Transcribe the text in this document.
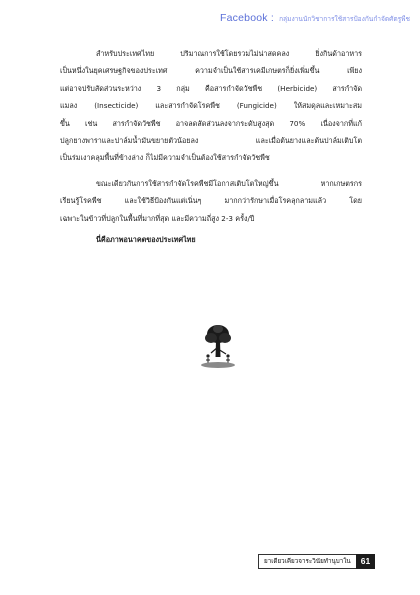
Facebook : กลุ่มงานนักวิชาการใช้สารป้องกันกำจัดศัตรูพืช

สำหรับประเทศไทย ปริมาณการใช้โดยรวมไม่น่าสดคลง ยิ่งกินด้าอาหาร

เป็นหนึ่งในยุคเศรษฐกิจของประเทศ ความจำเป็นใช้สารเคมีเกษตรก็ยิ่งเพิ่มขึ้น เพียง

แต่อาจปรับสัดส่วนระหว่าง 3 กลุ่ม คือสารกำจัดวัชพืช (Herbicide) สารกำจัด

แมลง (Insecticide) และสารกำจัดโรคพืช (Fungicide) ให้สมดุลและเหมาะสม

ขึ้น เช่น สารกำจัดวัชพืช อาจลดสัดส่วนลงจากระดับสูงสุด 70% เนื่องจากที่แก้

ปลูกยางพาราและปาล์มน้ำมันขยายตัวน้อยลง และเมื่อต้นยางและต้นปาล์มเติบโต

เป็นร่มเงาคลุมพื้นที่ข้างล่าง ก็ไม่มีความจำเป็นต้องใช้สารกำจัดวัชพืช

ขณะเดียวกันการใช้สารกำจัดโรคพืชมีโอกาสเติบโตใหญ่ขึ้น หากเกษตรกร

เรียนรู้โรคพืช และใช้วิธีป้องกันแต่เนิ่นๆ มากกว่ารักษาเมื่อโรคลุกลามแล้ว โดย

เฉพาะในข้าวที่ปลูกในพื้นที่มากที่สุด และมีความถี่สูง 2-3 ครั้ง/ปี

นี่คือภาพอนาคตของประเทศไทย

ยาเดียวเคียวจาระวินัยทำนุบาใน	61
